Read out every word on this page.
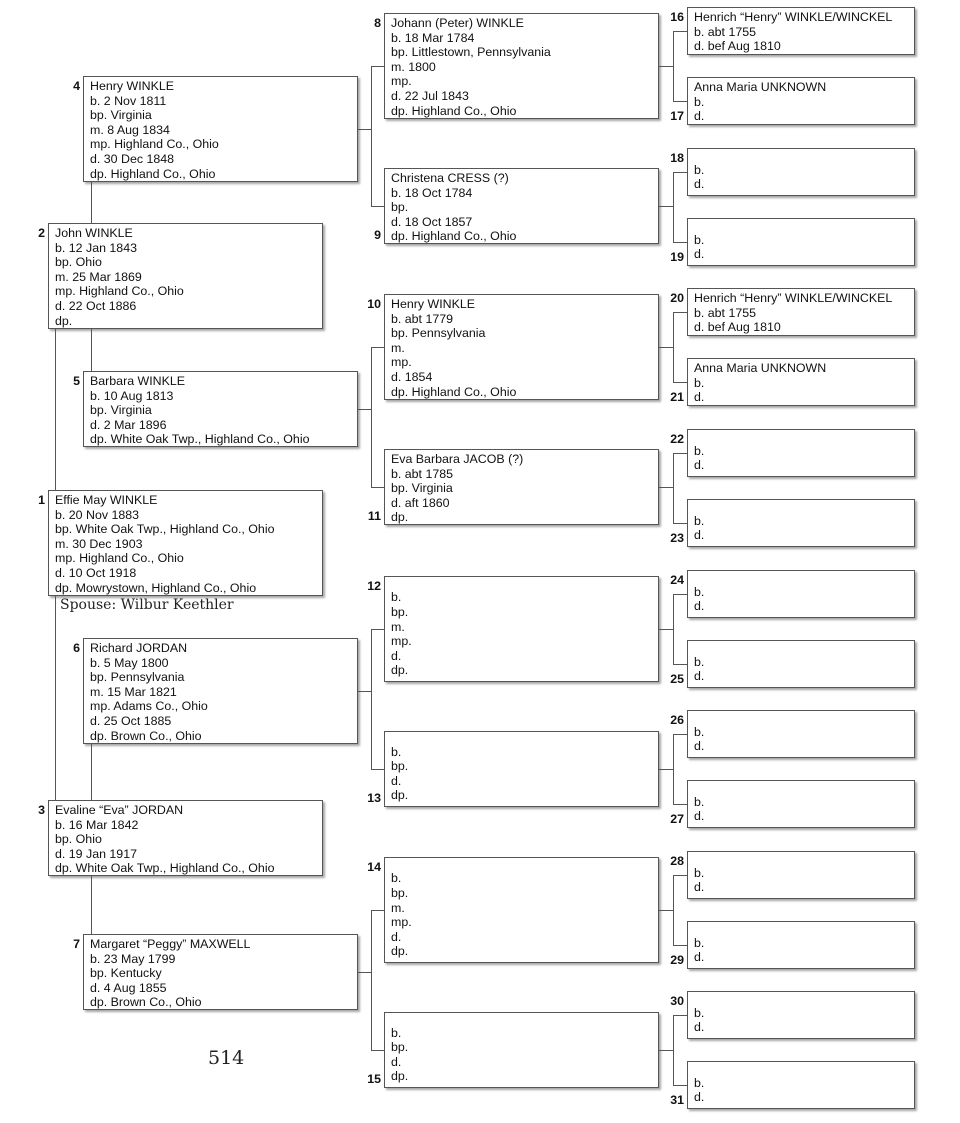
Effie May WINKLE
b. 20 Nov 1883
bp. White Oak Twp., Highland Co., Ohio
m. 30 Dec 1903
mp. Highland Co., Ohio
d. 10 Oct 1918
dp. Mowrystown, Highland Co., Ohio
1
John WINKLE
b. 12 Jan 1843
bp. Ohio
m. 25 Mar 1869
mp. Highland Co., Ohio
d. 22 Oct 1886
dp.
2
Evaline “Eva” JORDAN
b. 16 Mar 1842
bp. Ohio
d. 19 Jan 1917
dp. White Oak Twp., Highland Co., Ohio
3
Henry WINKLE
b. 2 Nov 1811
bp. Virginia
m. 8 Aug 1834
mp. Highland Co., Ohio
d. 30 Dec 1848
dp. Highland Co., Ohio
4
Barbara WINKLE
b. 10 Aug 1813
bp. Virginia
d. 2 Mar 1896
dp. White Oak Twp., Highland Co., Ohio
5
Richard JORDAN
b. 5 May 1800
bp. Pennsylvania
m. 15 Mar 1821
mp. Adams Co., Ohio
d. 25 Oct 1885
dp. Brown Co., Ohio
6
Margaret “Peggy” MAXWELL
b. 23 May 1799
bp. Kentucky
d. 4 Aug 1855
dp. Brown Co., Ohio
7
Johann (Peter) WINKLE
b. 18 Mar 1784
bp. Littlestown, Pennsylvania
m. 1800
mp.
d. 22 Jul 1843
dp. Highland Co., Ohio
8
Christena CRESS (?)
b. 18 Oct 1784
bp.
d. 18 Oct 1857
dp. Highland Co., Ohio
9
Henry WINKLE
b. abt 1779
bp. Pennsylvania
m.
mp.
d. 1854
dp. Highland Co., Ohio
10
Eva Barbara JACOB (?)
b. abt 1785
bp. Virginia
d. aft 1860
dp.
11
b.
bp.
m.
mp.
d.
dp.
12
b.
bp.
d.
dp.
13
b.
bp.
m.
mp.
d.
dp.
14
b.
bp.
d.
dp.
15
Henrich “Henry” WINKLE/WINCKEL
b. abt 1755
d. bef Aug 1810
16
Anna Maria UNKNOWN
b.
d.
17
b.
d.
18
b.
d.
19
Henrich “Henry” WINKLE/WINCKEL
b. abt 1755
d. bef Aug 1810
20
Anna Maria UNKNOWN
b.
d.
21
b.
d.
22
b.
d.
23
b.
d.
24
b.
d.
25
b.
d.
26
b.
d.
27
b.
d.
28
b.
d.
29
b.
d.
30
b.
d.
31
Spouse: Wilbur Keethler
514
